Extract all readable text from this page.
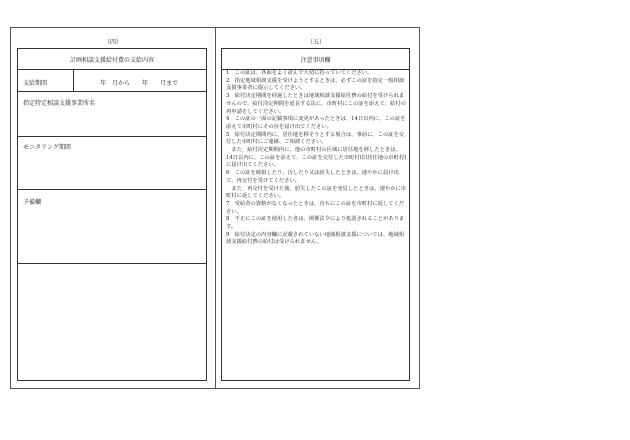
（四）	（五）
計画相談支援給付費の支給内容
支給期間	年　月から　　年　　月まで
指定特定相談支援事業所名
モニタリング期間
予備欄
注意事項欄

1　この証は、各面をよく読んで大切に持っていてください。

2　指定地域相談支援を受けようとするときは、必ずこの証を指定一般相談支援事業者に提示してください。

3　給付決定期間を経過したときは地域相談支援給付費の給付を受けられませんので、給付決定期間を延長する法に、市町村にこの証を添えて、給付の再申請をしてください。

4　この証の一面の記載事項に変更があったときは、14日以内に、この証を添えて市町村にその旨を届け出てください。

5　給付決定期間内に、居住地を移そうとする場合は、事前に、この証を交付した市町村にご連絡、ご相談ください。

　また、給付決定期間内に、他の市町村の区域に居住地を移したときは、14日以内に、この証を添えて、この証を交付した市町村(旧居住地の市町村)に届け出てください。

6　この証を破損したり、汚したり又は紛失したときは、速やかに届け出て、再交付を受けてください。

　また、再交付を受けた後、紛失したこの証を発見したときは、速やかに市町村に返してください。

7　受給者の資格がなくなったときは、直ちにこの証を市町村に返してください。

8　不正にこの証を使用した者は、関係法令により処罰されることがあります。

9　給付決定の内容欄に記載されていない地域相談支援については、地域相談支援給付費の給付は受けられません。
